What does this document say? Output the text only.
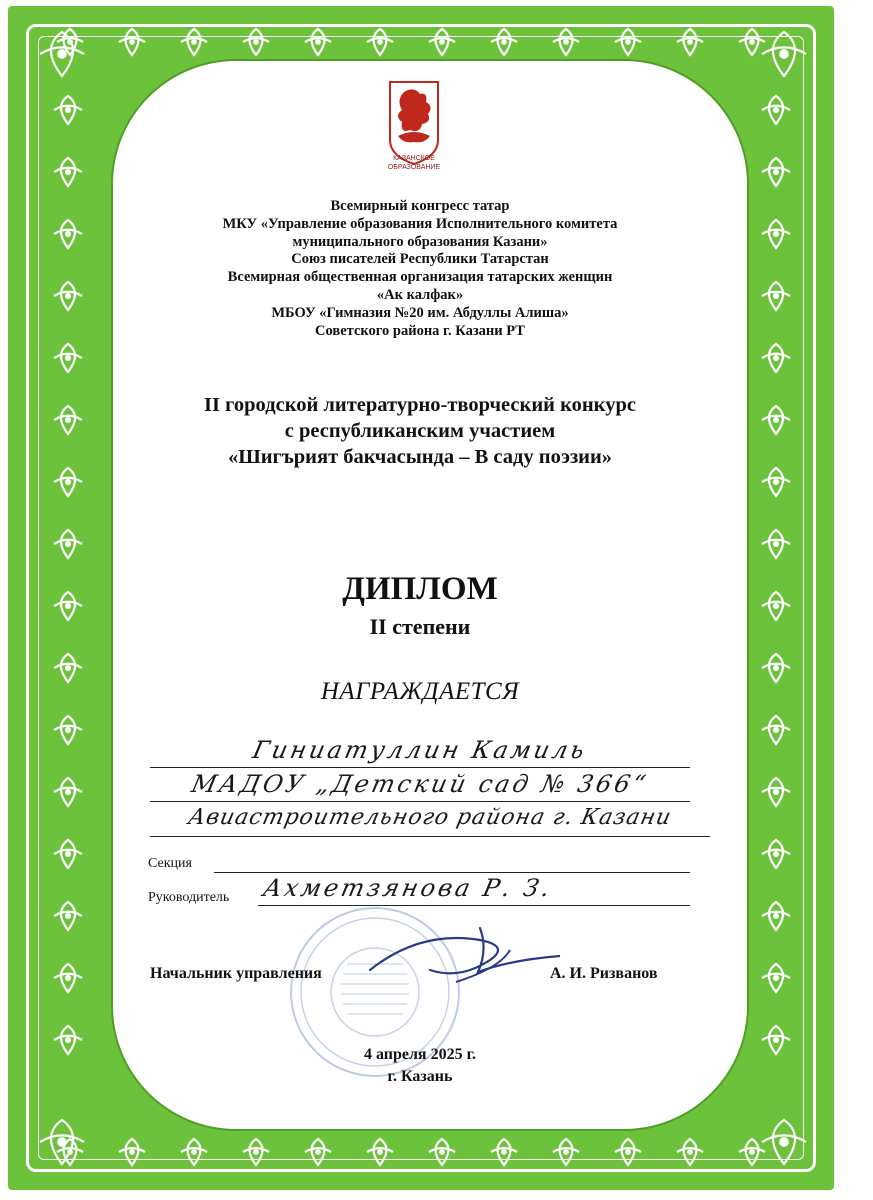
КАЗАНСКОЕ
ОБРАЗОВАНИЕ
Всемирный конгресс татар
МКУ «Управление образования Исполнительного комитета
муниципального образования Казани»
Союз писателей Республики Татарстан
Всемирная общественная организация татарских женщин
«Ак калфак»
МБОУ «Гимназия №20 им. Абдуллы Алиша»
Советского района г. Казани РТ
II городской литературно-творческий конкурс
с республиканским участием
«Шигърият бакчасында – В саду поэзии»
ДИПЛОМ
II степени
НАГРАЖДАЕТСЯ
Гиниатуллин Камиль
МАДОУ „Детский сад № 366“
Авиастроительного района г. Казани
Секция
Руководитель Ахметзянова Р. З.
Начальник управления	А. И. Ризванов
4 апреля 2025 г.
г. Казань
